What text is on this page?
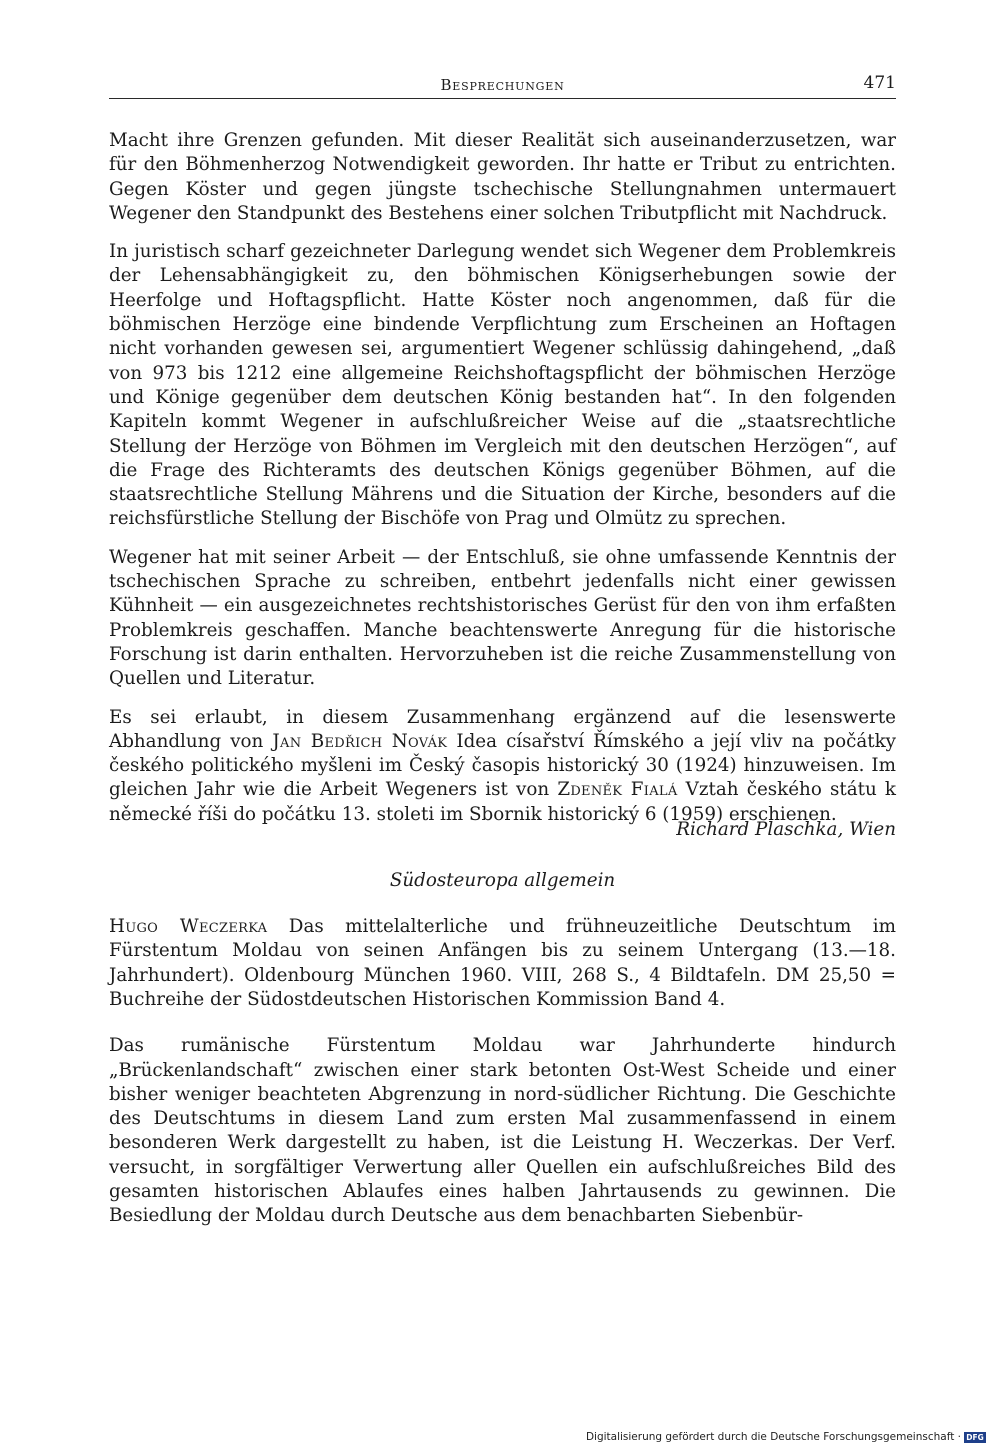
Besprechungen	471

Macht ihre Grenzen gefunden. Mit dieser Realität sich auseinanderzusetzen, war für den Böhmenherzog Notwendigkeit geworden. Ihr hatte er Tribut zu entrichten. Gegen Köster und gegen jüngste tschechische Stellungnahmen untermauert Wegener den Standpunkt des Bestehens einer solchen Tributpflicht mit Nachdruck.

In juristisch scharf gezeichneter Darlegung wendet sich Wegener dem Problemkreis der Lehensabhängigkeit zu, den böhmischen Königserhebungen sowie der Heerfolge und Hoftagspflicht. Hatte Köster noch angenommen, daß für die böhmischen Herzöge eine bindende Verpflichtung zum Erscheinen an Hoftagen nicht vorhanden gewesen sei, argumentiert Wegener schlüssig dahingehend, „daß von 973 bis 1212 eine allgemeine Reichshoftagspflicht der böhmischen Herzöge und Könige gegenüber dem deutschen König bestanden hat“. In den folgenden Kapiteln kommt Wegener in aufschlußreicher Weise auf die „staatsrechtliche Stellung der Herzöge von Böhmen im Vergleich mit den deutschen Herzögen“, auf die Frage des Richteramts des deutschen Königs gegenüber Böhmen, auf die staatsrechtliche Stellung Mährens und die Situation der Kirche, besonders auf die reichsfürstliche Stellung der Bischöfe von Prag und Olmütz zu sprechen.

Wegener hat mit seiner Arbeit — der Entschluß, sie ohne umfassende Kenntnis der tschechischen Sprache zu schreiben, entbehrt jedenfalls nicht einer gewissen Kühnheit — ein ausgezeichnetes rechtshistorisches Gerüst für den von ihm erfaßten Problemkreis geschaffen. Manche beachtenswerte Anregung für die historische Forschung ist darin enthalten. Hervorzuheben ist die reiche Zusammenstellung von Quellen und Literatur.

Es sei erlaubt, in diesem Zusammenhang ergänzend auf die lesenswerte Abhandlung von Jan Bedřich Novák Idea císařství Římského a její vliv na počátky českého politického myšleni im Český časopis historický 30 (1924) hinzuweisen. Im gleichen Jahr wie die Arbeit Wegeners ist von Zdeněk Fialá Vztah českého státu k německé říši do počátku 13. stoleti im Sbornik historický 6 (1959) erschienen.

Richard Plaschka, Wien

Südosteuropa allgemein

Hugo Weczerka Das mittelalterliche und frühneuzeitliche Deutschtum im Fürstentum Moldau von seinen Anfängen bis zu seinem Untergang (13.—18. Jahrhundert). Oldenbourg München 1960. VIII, 268 S., 4 Bildtafeln. DM 25,50 = Buchreihe der Südostdeutschen Historischen Kommission Band 4.

Das rumänische Fürstentum Moldau war Jahrhunderte hindurch „Brückenlandschaft“ zwischen einer stark betonten Ost-West Scheide und einer bisher weniger beachteten Abgrenzung in nord-südlicher Richtung. Die Geschichte des Deutschtums in diesem Land zum ersten Mal zusammenfassend in einem besonderen Werk dargestellt zu haben, ist die Leistung H. Weczerkas. Der Verf. versucht, in sorgfältiger Verwertung aller Quellen ein aufschlußreiches Bild des gesamten historischen Ablaufes eines halben Jahrtausends zu gewinnen. Die Besiedlung der Moldau durch Deutsche aus dem benachbarten Siebenbür-

Digitalisierung gefördert durch die Deutsche Forschungsgemeinschaft · DFG
